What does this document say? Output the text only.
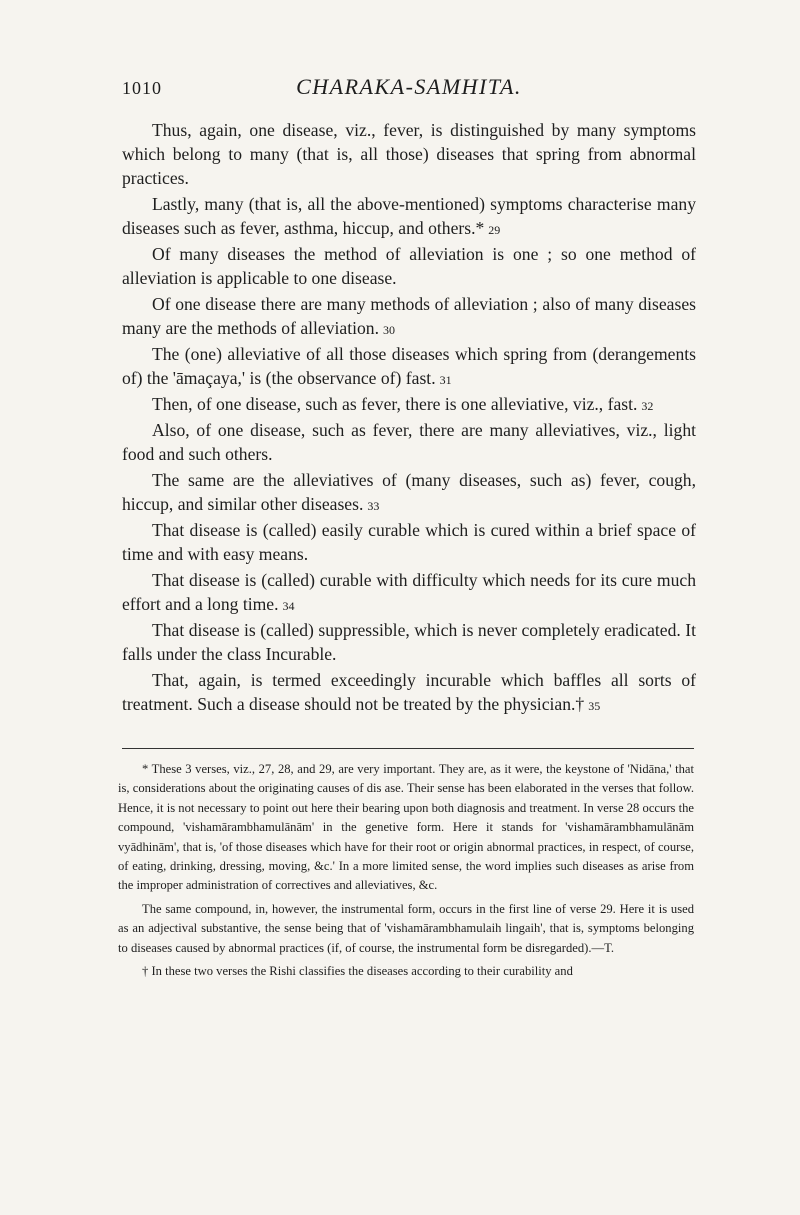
1010	CHARAKA-SAMHITA.

Thus, again, one disease, viz., fever, is distinguished by many symptoms which belong to many (that is, all those) diseases that spring from abnormal practices.

Lastly, many (that is, all the above-mentioned) symptoms characterise many diseases such as fever, asthma, hiccup, and others.* 29

Of many diseases the method of alleviation is one ; so one method of alleviation is applicable to one disease.

Of one disease there are many methods of alleviation ; also of many diseases many are the methods of alleviation. 30

The (one) alleviative of all those diseases which spring from (derangements of) the 'āmaçaya,' is (the observance of) fast. 31

Then, of one disease, such as fever, there is one alleviative, viz., fast. 32

Also, of one disease, such as fever, there are many alleviatives, viz., light food and such others.

The same are the alleviatives of (many diseases, such as) fever, cough, hiccup, and similar other diseases. 33

That disease is (called) easily curable which is cured within a brief space of time and with easy means.

That disease is (called) curable with difficulty which needs for its cure much effort and a long time. 34

That disease is (called) suppressible, which is never completely eradicated. It falls under the class Incurable.

That, again, is termed exceedingly incurable which baffles all sorts of treatment. Such a disease should not be treated by the physician.† 35

* These 3 verses, viz., 27, 28, and 29, are very important. They are, as it were, the keystone of 'Nidāna,' that is, considerations about the originating causes of dis ase. Their sense has been elaborated in the verses that follow. Hence, it is not necessary to point out here their bearing upon both diagnosis and treatment. In verse 28 occurs the compound, 'vishamārambhamulānām' in the genetive form. Here it stands for 'vishamārambhamulānām vyādhinām', that is, 'of those diseases which have for their root or origin abnormal practices, in respect, of course, of eating, drinking, dressing, moving, &c.' In a more limited sense, the word implies such diseases as arise from the improper administration of correctives and alleviatives, &c.

The same compound, in, however, the instrumental form, occurs in the first line of verse 29. Here it is used as an adjectival substantive, the sense being that of 'vishamārambhamulaih lingaih', that is, symptoms belonging to diseases caused by abnormal practices (if, of course, the instrumental form be disregarded).—T.

† In these two verses the Rishi classifies the diseases according to their curability and
